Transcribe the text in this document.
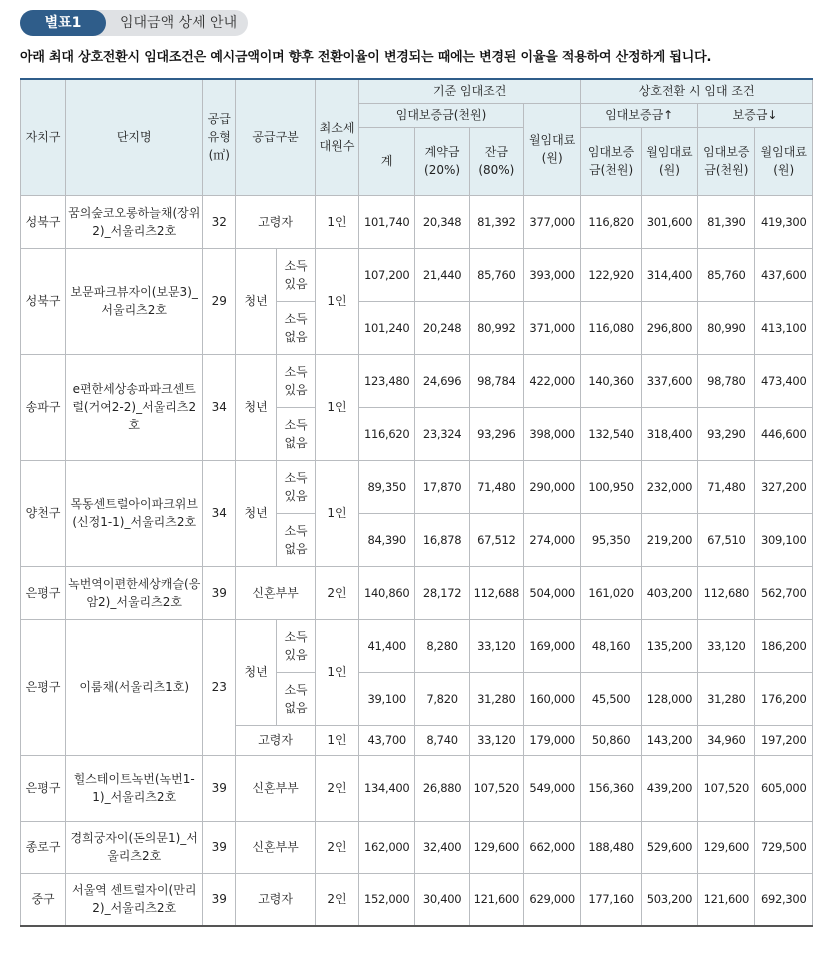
별표1	임대금액 상세 안내
아래 최대 상호전환시 임대조건은 예시금액이며 향후 전환이율이 변경되는 때에는 변경된 이율을 적용하여 산정하게 됩니다.
자치구	단지명	공급유형(㎡)	공급구분		최소세대원수	기준 임대조건				상호전환 시 임대 조건			
						임대보증금(천원)			월임대료(원)	임대보증금↑		보증금↓	
						계	계약금(20%)	잔금(80%)		임대보증금(천원)	월임대료(원)	임대보증금(천원)	월임대료(원)
성북구	꿈의숲코오롱하늘채(장위2)_서울리츠2호	32	고령자		1인	101,740	20,348	81,392	377,000	116,820	301,600	81,390	419,300
성북구	보문파크뷰자이(보문3)_서울리츠2호	29	청년	소득있음	1인	107,200	21,440	85,760	393,000	122,920	314,400	85,760	437,600
				소득없음		101,240	20,248	80,992	371,000	116,080	296,800	80,990	413,100
송파구	e편한세상송파파크센트럴(거여2-2)_서울리츠2호	34	청년	소득있음	1인	123,480	24,696	98,784	422,000	140,360	337,600	98,780	473,400
				소득없음		116,620	23,324	93,296	398,000	132,540	318,400	93,290	446,600
양천구	목동센트럴아이파크위브(신정1-1)_서울리츠2호	34	청년	소득있음	1인	89,350	17,870	71,480	290,000	100,950	232,000	71,480	327,200
				소득없음		84,390	16,878	67,512	274,000	95,350	219,200	67,510	309,100
은평구	녹번역이편한세상캐슬(응암2)_서울리츠2호	39	신혼부부		2인	140,860	28,172	112,688	504,000	161,020	403,200	112,680	562,700
은평구	이룸채(서울리츠1호)	23	청년	소득있음	1인	41,400	8,280	33,120	169,000	48,160	135,200	33,120	186,200
				소득없음		39,100	7,820	31,280	160,000	45,500	128,000	31,280	176,200
			고령자		1인	43,700	8,740	33,120	179,000	50,860	143,200	34,960	197,200
은평구	힐스테이트녹번(녹번1-1)_서울리츠2호	39	신혼부부		2인	134,400	26,880	107,520	549,000	156,360	439,200	107,520	605,000
종로구	경희궁자이(돈의문1)_서울리츠2호	39	신혼부부		2인	162,000	32,400	129,600	662,000	188,480	529,600	129,600	729,500
중구	서울역 센트럴자이(만리2)_서울리츠2호	39	고령자		2인	152,000	30,400	121,600	629,000	177,160	503,200	121,600	692,300
